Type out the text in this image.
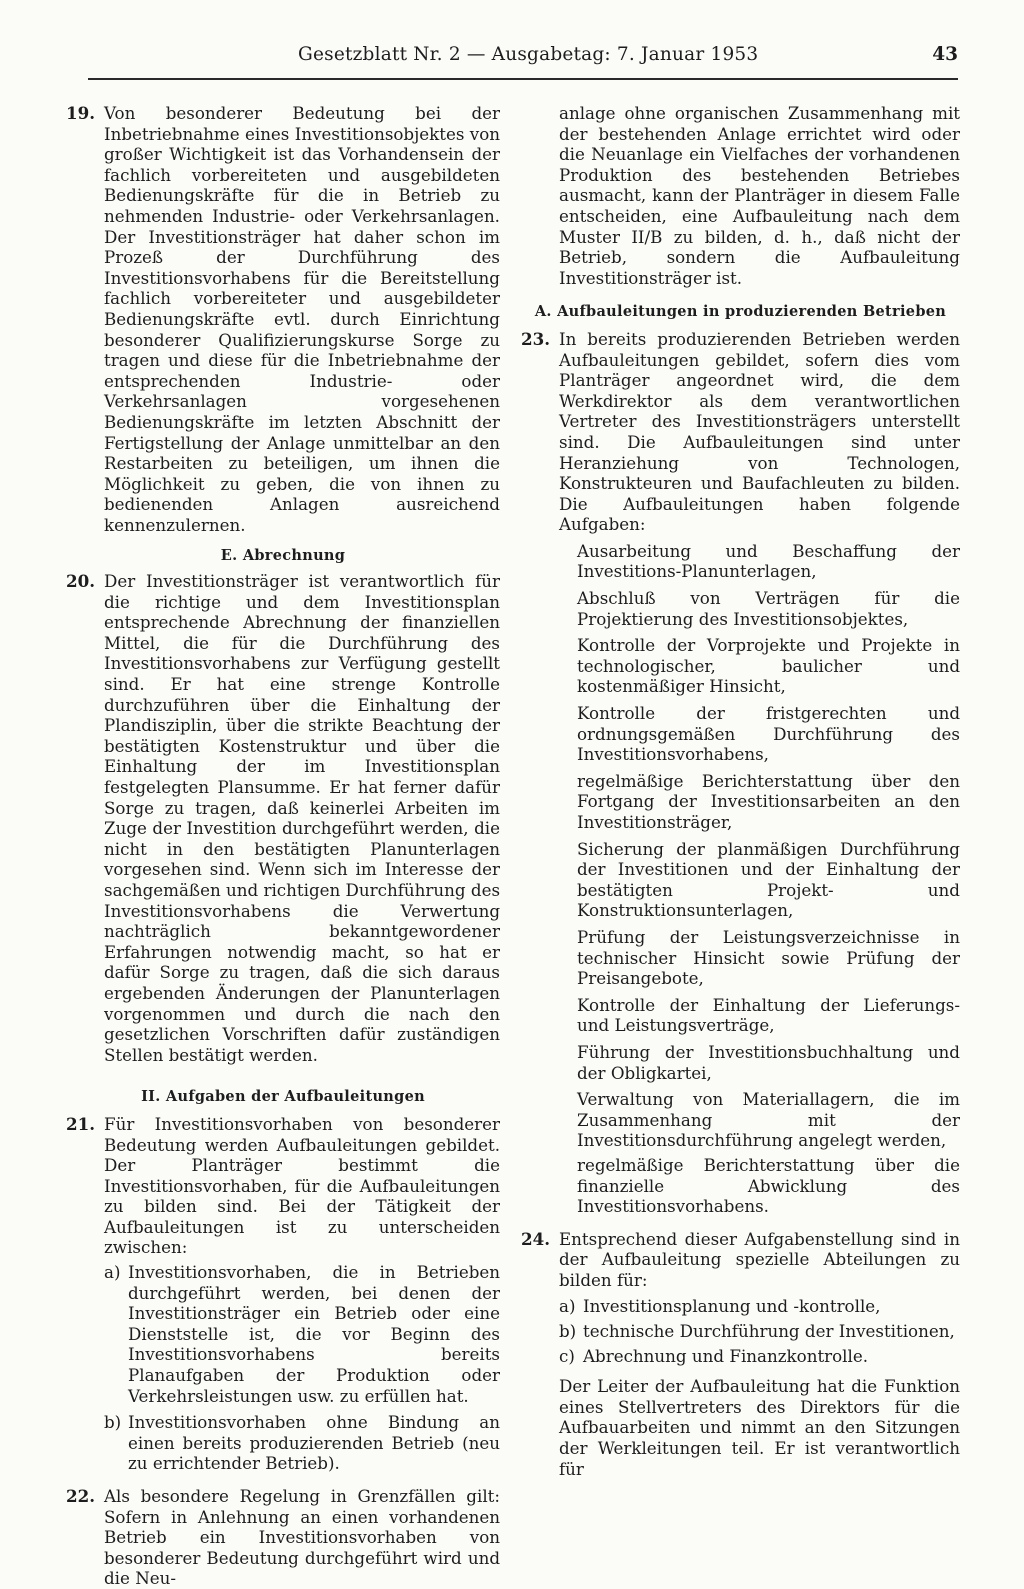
Gesetzblatt Nr. 2 — Ausgabetag: 7. Januar 1953	43
19. Von besonderer Bedeutung bei der Inbetriebnahme eines Investitionsobjektes von großer Wichtigkeit ist das Vorhandensein der fachlich vorbereiteten und ausgebildeten Bedienungskräfte für die in Betrieb zu nehmenden Industrie- oder Verkehrsanlagen. Der Investitionsträger hat daher schon im Prozeß der Durchführung des Investitionsvorhabens für die Bereitstellung fachlich vorbereiteter und ausgebildeter Bedienungskräfte evtl. durch Einrichtung besonderer Qualifizierungskurse Sorge zu tragen und diese für die Inbetriebnahme der entsprechenden Industrie- oder Verkehrsanlagen vorgesehenen Bedienungskräfte im letzten Abschnitt der Fertigstellung der Anlage unmittelbar an den Restarbeiten zu beteiligen, um ihnen die Möglichkeit zu geben, die von ihnen zu bedienenden Anlagen ausreichend kennenzulernen.
E. Abrechnung
20. Der Investitionsträger ist verantwortlich für die richtige und dem Investitionsplan entsprechende Abrechnung der finanziellen Mittel, die für die Durchführung des Investitionsvorhabens zur Verfügung gestellt sind. Er hat eine strenge Kontrolle durchzuführen über die Einhaltung der Plandisziplin, über die strikte Beachtung der bestätigten Kostenstruktur und über die Einhaltung der im Investitionsplan festgelegten Plansumme. Er hat ferner dafür Sorge zu tragen, daß keinerlei Arbeiten im Zuge der Investition durchgeführt werden, die nicht in den bestätigten Planunterlagen vorgesehen sind. Wenn sich im Interesse der sachgemäßen und richtigen Durchführung des Investitionsvorhabens die Verwertung nachträglich bekanntgewordener Erfahrungen notwendig macht, so hat er dafür Sorge zu tragen, daß die sich daraus ergebenden Änderungen der Planunterlagen vorgenommen und durch die nach den gesetzlichen Vorschriften dafür zuständigen Stellen bestätigt werden.
II. Aufgaben der Aufbauleitungen
21. Für Investitionsvorhaben von besonderer Bedeutung werden Aufbauleitungen gebildet. Der Planträger bestimmt die Investitionsvorhaben, für die Aufbauleitungen zu bilden sind. Bei der Tätigkeit der Aufbauleitungen ist zu unterscheiden zwischen:
a) Investitionsvorhaben, die in Betrieben durchgeführt werden, bei denen der Investitionsträger ein Betrieb oder eine Dienststelle ist, die vor Beginn des Investitionsvorhabens bereits Planaufgaben der Produktion oder Verkehrsleistungen usw. zu erfüllen hat.
b) Investitionsvorhaben ohne Bindung an einen bereits produzierenden Betrieb (neu zu errichtender Betrieb).
22. Als besondere Regelung in Grenzfällen gilt: Sofern in Anlehnung an einen vorhandenen Betrieb ein Investitionsvorhaben von besonderer Bedeutung durchgeführt wird und die Neu-

anlage ohne organischen Zusammenhang mit der bestehenden Anlage errichtet wird oder die Neuanlage ein Vielfaches der vorhandenen Produktion des bestehenden Betriebes ausmacht, kann der Planträger in diesem Falle entscheiden, eine Aufbauleitung nach dem Muster II/B zu bilden, d. h., daß nicht der Betrieb, sondern die Aufbauleitung Investitionsträger ist.

A. Aufbauleitungen in produzierenden Betrieben
23. In bereits produzierenden Betrieben werden Aufbauleitungen gebildet, sofern dies vom Planträger angeordnet wird, die dem Werkdirektor als dem verantwortlichen Vertreter des Investitionsträgers unterstellt sind. Die Aufbauleitungen sind unter Heranziehung von Technologen, Konstrukteuren und Baufachleuten zu bilden. Die Aufbauleitungen haben folgende Aufgaben:

Ausarbeitung und Beschaffung der Investitions-Planunterlagen,

Abschluß von Verträgen für die Projektierung des Investitionsobjektes,

Kontrolle der Vorprojekte und Projekte in technologischer, baulicher und kostenmäßiger Hinsicht,

Kontrolle der fristgerechten und ordnungsgemäßen Durchführung des Investitionsvorhabens,

regelmäßige Berichterstattung über den Fortgang der Investitionsarbeiten an den Investitionsträger,

Sicherung der planmäßigen Durchführung der Investitionen und der Einhaltung der bestätigten Projekt- und Konstruktionsunterlagen,

Prüfung der Leistungsverzeichnisse in technischer Hinsicht sowie Prüfung der Preisangebote,

Kontrolle der Einhaltung der Lieferungs- und Leistungsverträge,

Führung der Investitionsbuchhaltung und der Obligkartei,

Verwaltung von Materiallagern, die im Zusammenhang mit der Investitionsdurchführung angelegt werden,

regelmäßige Berichterstattung über die finanzielle Abwicklung des Investitionsvorhabens.

24. Entsprechend dieser Aufgabenstellung sind in der Aufbauleitung spezielle Abteilungen zu bilden für:
a) Investitionsplanung und -kontrolle,
b) technische Durchführung der Investitionen,
c) Abrechnung und Finanzkontrolle.

Der Leiter der Aufbauleitung hat die Funktion eines Stellvertreters des Direktors für die Aufbauarbeiten und nimmt an den Sitzungen der Werkleitungen teil. Er ist verantwortlich für
